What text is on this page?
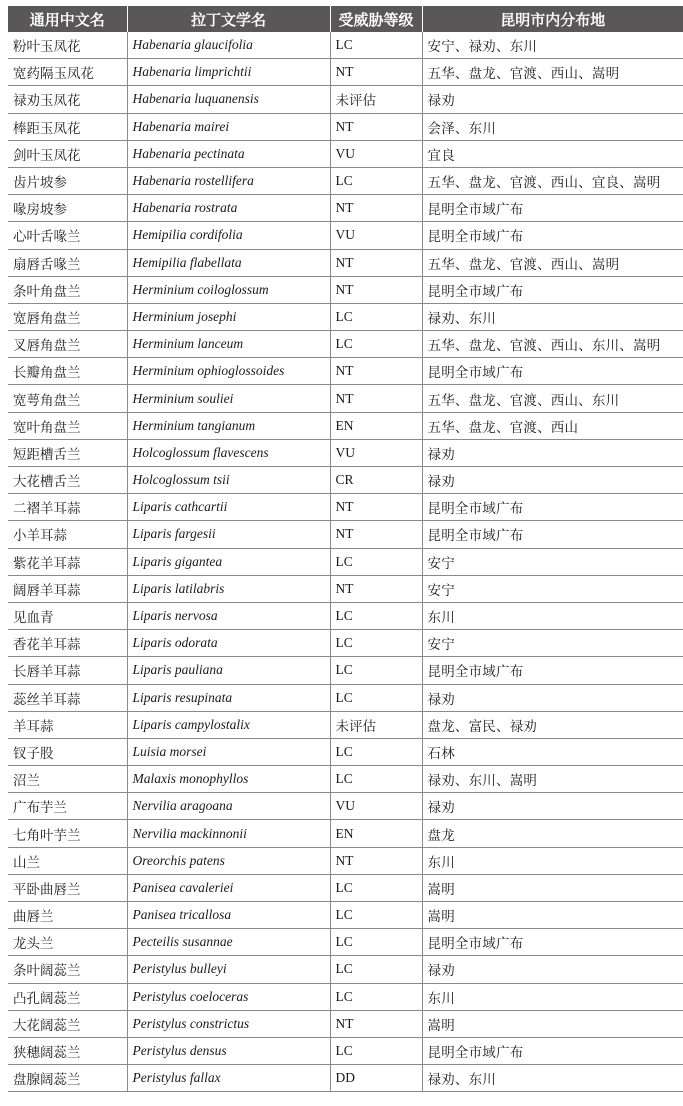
通用中文名	拉丁文学名	受威胁等级	昆明市内分布地
粉叶玉凤花	Habenaria glaucifolia	LC	安宁、禄劝、东川
宽药隔玉凤花	Habenaria limprichtii	NT	五华、盘龙、官渡、西山、嵩明
禄劝玉凤花	Habenaria luquanensis	未评估	禄劝
棒距玉凤花	Habenaria mairei	NT	会泽、东川
剑叶玉凤花	Habenaria pectinata	VU	宜良
齿片坡参	Habenaria rostellifera	LC	五华、盘龙、官渡、西山、宜良、嵩明
喙房坡参	Habenaria rostrata	NT	昆明全市域广布
心叶舌喙兰	Hemipilia cordifolia	VU	昆明全市域广布
扇唇舌喙兰	Hemipilia flabellata	NT	五华、盘龙、官渡、西山、嵩明
条叶角盘兰	Herminium coiloglossum	NT	昆明全市域广布
宽唇角盘兰	Herminium josephi	LC	禄劝、东川
叉唇角盘兰	Herminium lanceum	LC	五华、盘龙、官渡、西山、东川、嵩明
长瓣角盘兰	Herminium ophioglossoides	NT	昆明全市域广布
宽萼角盘兰	Herminium souliei	NT	五华、盘龙、官渡、西山、东川
宽叶角盘兰	Herminium tangianum	EN	五华、盘龙、官渡、西山
短距槽舌兰	Holcoglossum flavescens	VU	禄劝
大花槽舌兰	Holcoglossum tsii	CR	禄劝
二褶羊耳蒜	Liparis cathcartii	NT	昆明全市域广布
小羊耳蒜	Liparis fargesii	NT	昆明全市域广布
紫花羊耳蒜	Liparis gigantea	LC	安宁
阔唇羊耳蒜	Liparis latilabris	NT	安宁
见血青	Liparis nervosa	LC	东川
香花羊耳蒜	Liparis odorata	LC	安宁
长唇羊耳蒜	Liparis pauliana	LC	昆明全市域广布
蕊丝羊耳蒜	Liparis resupinata	LC	禄劝
羊耳蒜	Liparis campylostalix	未评估	盘龙、富民、禄劝
钗子股	Luisia morsei	LC	石林
沼兰	Malaxis monophyllos	LC	禄劝、东川、嵩明
广布芋兰	Nervilia aragoana	VU	禄劝
七角叶芋兰	Nervilia mackinnonii	EN	盘龙
山兰	Oreorchis patens	NT	东川
平卧曲唇兰	Panisea cavaleriei	LC	嵩明
曲唇兰	Panisea tricallosa	LC	嵩明
龙头兰	Pecteilis susannae	LC	昆明全市域广布
条叶阔蕊兰	Peristylus bulleyi	LC	禄劝
凸孔阔蕊兰	Peristylus coeloceras	LC	东川
大花阔蕊兰	Peristylus constrictus	NT	嵩明
狭穗阔蕊兰	Peristylus densus	LC	昆明全市域广布
盘腺阔蕊兰	Peristylus fallax	DD	禄劝、东川
